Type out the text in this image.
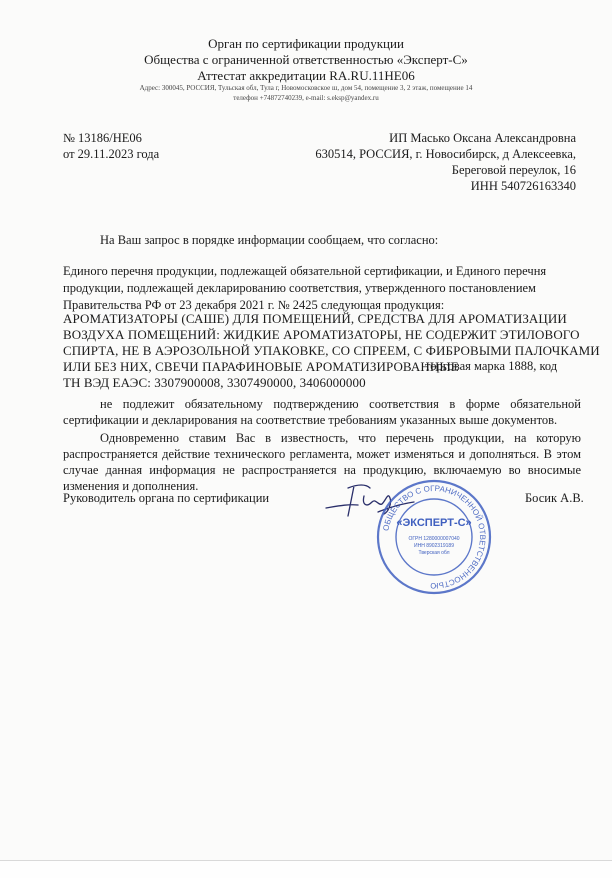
Орган по сертификации продукции
Общества с ограниченной ответственностью «Эксперт-С»
Аттестат аккредитации RA.RU.11НЕ06
Адрес: 300045, РОССИЯ, Тульская обл, Тула г, Новомосковское ш, дом 54, помещение 3, 2 этаж, помещение 14
телефон +74872740239, e-mail: s.eksp@yandex.ru
№ 13186/НЕ06
от 29.11.2023 года
ИП Масько Оксана Александровна
630514, РОССИЯ, г. Новосибирск, д Алексеевка,
Береговой переулок, 16
ИНН 540726163340
На Ваш запрос в порядке информации сообщаем, что согласно:
Единого перечня продукции, подлежащей обязательной сертификации, и Единого перечня
продукции, подлежащей декларированию соответствия, утвержденного постановлением
Правительства РФ от 23 декабря 2021 г. № 2425 следующая продукция:
АРОМАТИЗАТОРЫ (САШЕ) ДЛЯ ПОМЕЩЕНИЙ, СРЕДСТВА ДЛЯ АРОМАТИЗАЦИИ
ВОЗДУХА ПОМЕЩЕНИЙ: ЖИДКИЕ АРОМАТИЗАТОРЫ, НЕ СОДЕРЖИТ ЭТИЛОВОГО
СПИРТА, НЕ В АЭРОЗОЛЬНОЙ УПАКОВКЕ, СО СПРЕЕМ, С ФИБРОВЫМИ ПАЛОЧКАМИ
ИЛИ БЕЗ НИХ, СВЕЧИ ПАРАФИНОВЫЕ АРОМАТИЗИРОВАННЫЕ
торговая марка 1888, код
ТН ВЭД ЕАЭС: 3307900008, 3307490000, 3406000000
не подлежит обязательному подтверждению соответствия в форме обязательной
сертификации и декларирования на соответствие требованиям указанных выше документов.
Одновременно ставим Вас в известность, что перечень продукции, на которую
распространяется действие технического регламента, может изменяться и дополняться. В этом
случае данная информация не распространяется на продукцию, включаемую во вносимые
изменения и дополнения.
Руководитель органа по сертификации	Босик А.В.
ОБЩЕСТВО С ОГРАНИЧЕННОЙ ОТВЕТСТВЕННОСТЬЮ
«ЭКСПЕРТ-С»
ОГРН 1280000007040
ИНН 8902319189
Тверская обл
